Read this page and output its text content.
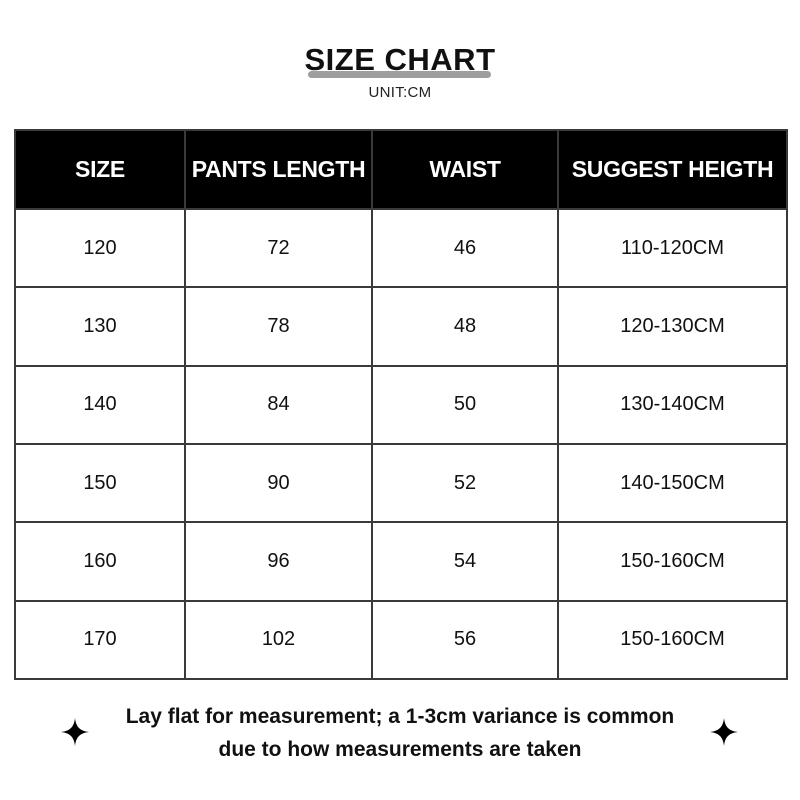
SIZE CHART
UNIT:CM
SIZE	PANTS LENGTH	WAIST	SUGGEST HEIGTH
120	72	46	110-120CM
130	78	48	120-130CM
140	84	50	130-140CM
150	90	52	140-150CM
160	96	54	150-160CM
170	102	56	150-160CM
Lay flat for measurement; a 1-3cm variance is common
due to how measurements are taken
